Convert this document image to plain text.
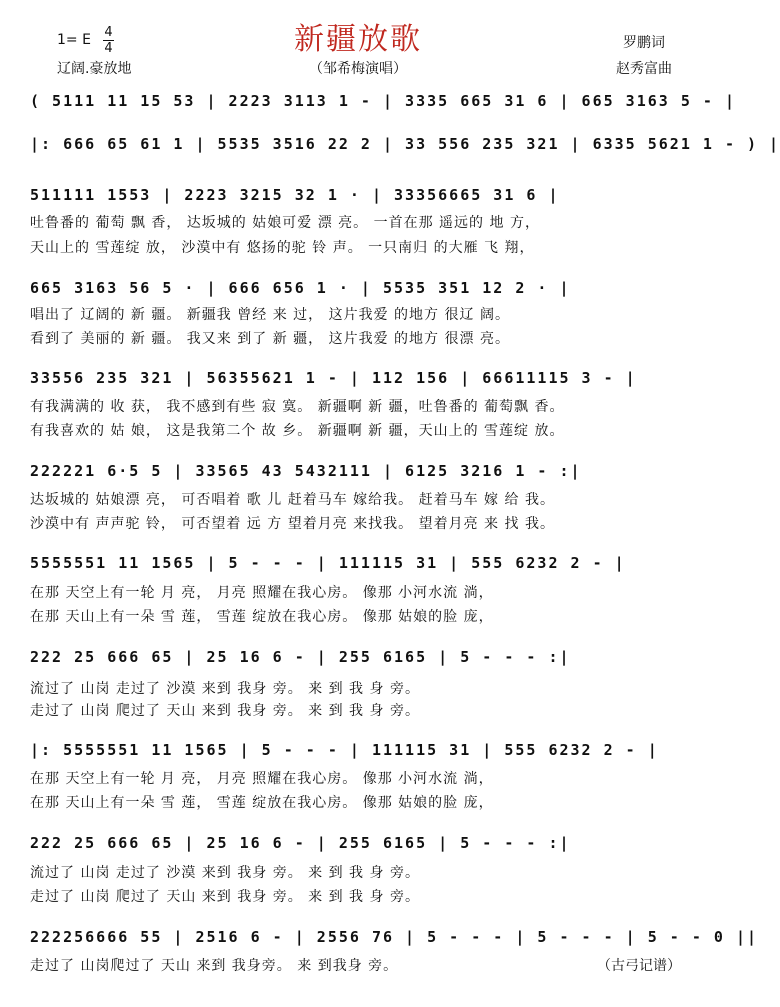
新疆放歌
1= E 4
4
辽阔.豪放地	（邹希梅演唱）
罗鹏词
赵秀富曲
( 5111 11 15 53 | 2223 3113 1 - | 3335 665 31 6 | 665 3163 5 - |
|: 666 65 61 1 | 5535 3516 22 2 | 33 556 235 321 | 6335 5621 1 - ) |
511111 1553 | 2223 3215 32 1 · | 33356665 31 6 |
吐鲁番的 葡萄 飘 香， 达坂城的 姑娘可爱 漂 亮。 一首在那 遥远的 地 方，
天山上的 雪莲绽 放， 沙漠中有 悠扬的驼 铃 声。 一只南归 的大雁 飞 翔，
665 3163 56 5 · | 666 656 1 · | 5535 351 12 2 · |
唱出了 辽阔的 新 疆。 新疆我 曾经 来 过， 这片我爱 的地方 很辽 阔。
看到了 美丽的 新 疆。 我又来 到了 新 疆， 这片我爱 的地方 很漂 亮。
33556 235 321 | 56355621 1 - | 112 156 | 66611115 3 - |
有我满满的 收 获， 我不感到有些 寂 寞。 新疆啊 新 疆，吐鲁番的 葡萄飘 香。
有我喜欢的 姑 娘， 这是我第二个 故 乡。 新疆啊 新 疆，天山上的 雪莲绽 放。
222221 6·5 5 | 33565 43 5432111 | 6125 3216 1 - :|
达坂城的 姑娘漂 亮， 可否唱着 歌 儿 赶着马车 嫁给我。 赶着马车 嫁 给 我。
沙漠中有 声声驼 铃， 可否望着 远 方 望着月亮 来找我。 望着月亮 来 找 我。
5555551 11 1565 | 5 - - - | 111115 31 | 555 6232 2 - |
在那 天空上有一轮 月 亮， 月亮 照耀在我心房。 像那 小河水流 淌，
在那 天山上有一朵 雪 莲， 雪莲 绽放在我心房。 像那 姑娘的脸 庞，
222 25 666 65 | 25 16 6 - | 255 6165 | 5 - - - :|
流过了 山岗 走过了 沙漠 来到 我身 旁。 来 到 我 身 旁。
走过了 山岗 爬过了 天山 来到 我身 旁。 来 到 我 身 旁。
|: 5555551 11 1565 | 5 - - - | 111115 31 | 555 6232 2 - |
在那 天空上有一轮 月 亮， 月亮 照耀在我心房。 像那 小河水流 淌，
在那 天山上有一朵 雪 莲， 雪莲 绽放在我心房。 像那 姑娘的脸 庞，
222 25 666 65 | 25 16 6 - | 255 6165 | 5 - - - :|
流过了 山岗 走过了 沙漠 来到 我身 旁。 来 到 我 身 旁。
走过了 山岗 爬过了 天山 来到 我身 旁。 来 到 我 身 旁。
222256666 55 | 2516 6 - | 2556 76 | 5 - - - | 5 - - - | 5 - - 0 ||
走过了 山岗爬过了 天山 来到 我身旁。 来 到我身 旁。	（古弓记谱）
